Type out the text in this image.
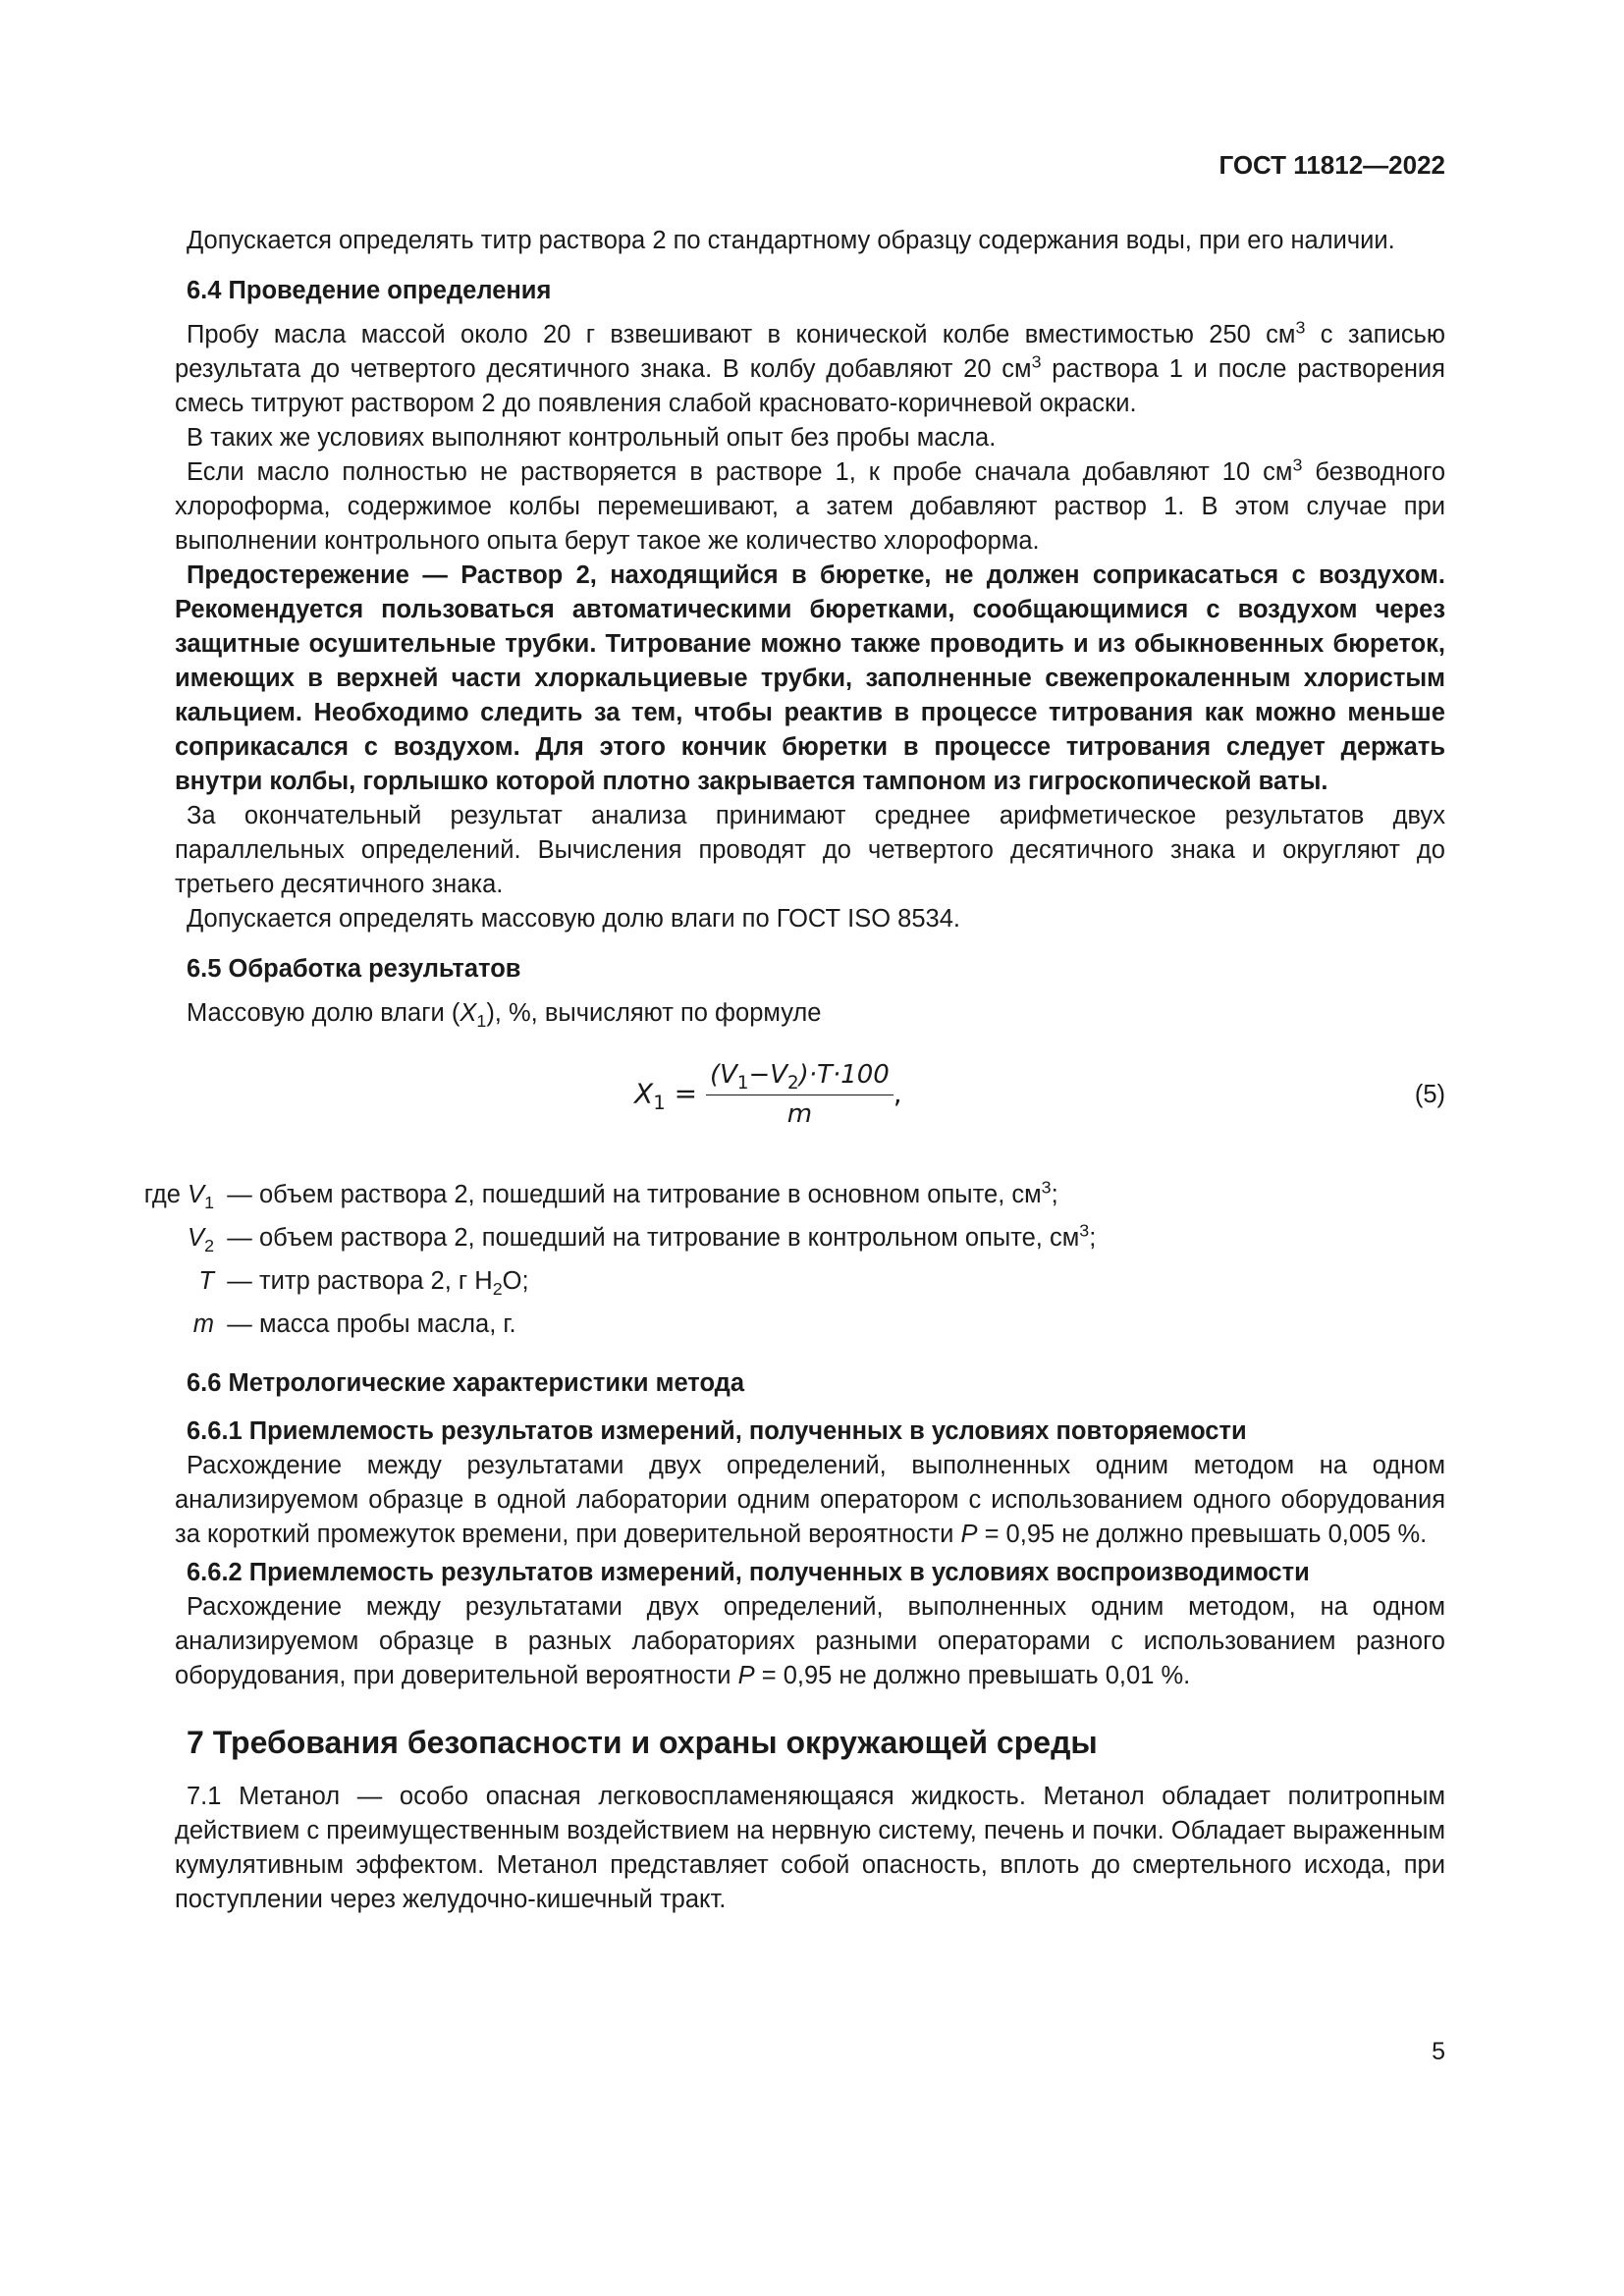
ГОСТ 11812—2022

Допускается определять титр раствора 2 по стандартному образцу содержания воды, при его наличии.

6.4 Проведение определения

Пробу масла массой около 20 г взвешивают в конической колбе вместимостью 250 $см^3$ с записью результата до четвертого десятичного знака. В колбу добавляют 20 $см^3$ раствора 1 и после растворения смесь титруют раствором 2 до появления слабой красновато-коричневой окраски.

В таких же условиях выполняют контрольный опыт без пробы масла.

Если масло полностью не растворяется в растворе 1, к пробе сначала добавляют 10 $см^3$ безводного хлороформа, содержимое колбы перемешивают, а затем добавляют раствор 1. В этом случае при выполнении контрольного опыта берут такое же количество хлороформа.

Предостережение — Раствор 2, находящийся в бюретке, не должен соприкасаться с воздухом. Рекомендуется пользоваться автоматическими бюретками, сообщающимися с воздухом через защитные осушительные трубки. Титрование можно также проводить и из обыкновенных бюреток, имеющих в верхней части хлоркальциевые трубки, заполненные свежепрокаленным хлористым кальцием. Необходимо следить за тем, чтобы реактив в процессе титрования как можно меньше соприкасался с воздухом. Для этого кончик бюретки в процессе титрования следует держать внутри колбы, горлышко которой плотно закрывается тампоном из гигроскопической ваты.

За окончательный результат анализа принимают среднее арифметическое результатов двух параллельных определений. Вычисления проводят до четвертого десятичного знака и округляют до третьего десятичного знака.

Допускается определять массовую долю влаги по ГОСТ ISO 8534.

6.5 Обработка результатов

Массовую долю влаги $(X_1)$, %, вычисляют по формуле

$X_1 = \frac{(V_1-V_2)\cdot T\cdot 100}{m}$ ,	(5)
где $V_1$ — объем раствора 2, пошедший на титрование в основном опыте, $см^3$;
$V_2$ — объем раствора 2, пошедший на титрование в контрольном опыте, $см^3$;
T — титр раствора 2, г $H_2O$;
m — масса пробы масла, г.

6.6 Метрологические характеристики метода

6.6.1 Приемлемость результатов измерений, полученных в условиях повторяемости

Расхождение между результатами двух определений, выполненных одним методом на одном анализируемом образце в одной лаборатории одним оператором с использованием одного оборудования за короткий промежуток времени, при доверительной вероятности P = 0,95 не должно превышать 0,005 %.

6.6.2 Приемлемость результатов измерений, полученных в условиях воспроизводимости

Расхождение между результатами двух определений, выполненных одним методом, на одном анализируемом образце в разных лабораториях разными операторами с использованием разного оборудования, при доверительной вероятности P = 0,95 не должно превышать 0,01 %.

7 Требования безопасности и охраны окружающей среды

7.1 Метанол — особо опасная легковоспламеняющаяся жидкость. Метанол обладает политропным действием с преимущественным воздействием на нервную систему, печень и почки. Обладает выраженным кумулятивным эффектом. Метанол представляет собой опасность, вплоть до смертельного исхода, при поступлении через желудочно-кишечный тракт.

5
